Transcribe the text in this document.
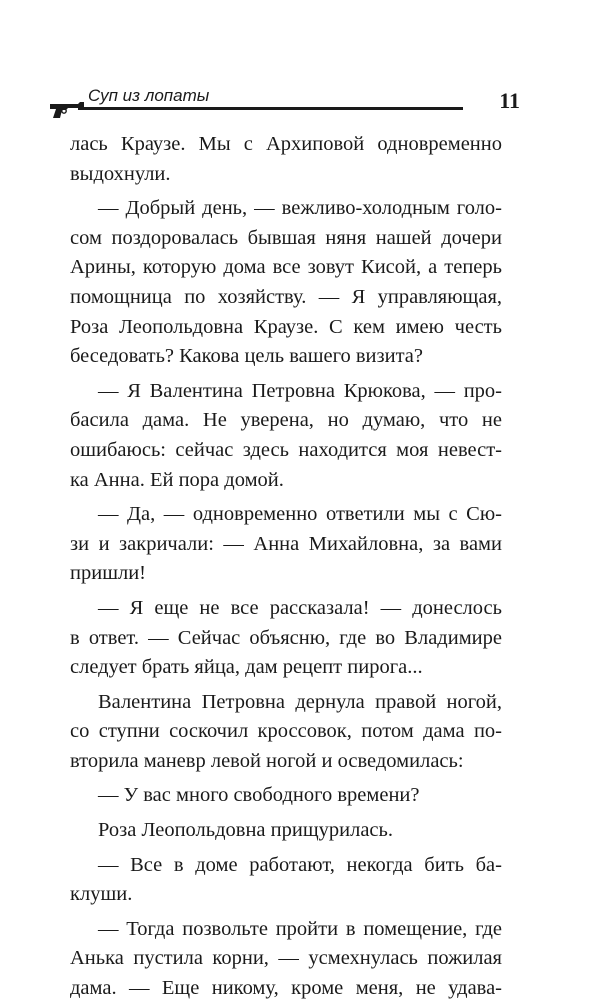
Суп из лопаты	11
лась Краузе. Мы с Архиповой одновременно
выдохнули.
— Добрый день, — вежливо-холодным голо-
сом поздоровалась бывшая няня нашей дочери
Арины, которую дома все зовут Кисой, а теперь
помощница по хозяйству. — Я управляющая,
Роза Леопольдовна Краузе. С кем имею честь
беседовать? Какова цель вашего визита?
— Я Валентина Петровна Крюкова, — про-
басила дама. Не уверена, но думаю, что не
ошибаюсь: сейчас здесь находится моя невест-
ка Анна. Ей пора домой.
— Да, — одновременно ответили мы с Сю-
зи и закричали: — Анна Михайловна, за вами
пришли!
— Я еще не все рассказала! — донеслось
в ответ. — Сейчас объясню, где во Владимире
следует брать яйца, дам рецепт пирога...
Валентина Петровна дернула правой ногой,
со ступни соскочил кроссовок, потом дама по-
вторила маневр левой ногой и осведомилась:
— У вас много свободного времени?
Роза Леопольдовна прищурилась.
— Все в доме работают, некогда бить ба-
клуши.
— Тогда позвольте пройти в помещение, где
Анька пустила корни, — усмехнулась пожилая
дама. — Еще никому, кроме меня, не удава-
